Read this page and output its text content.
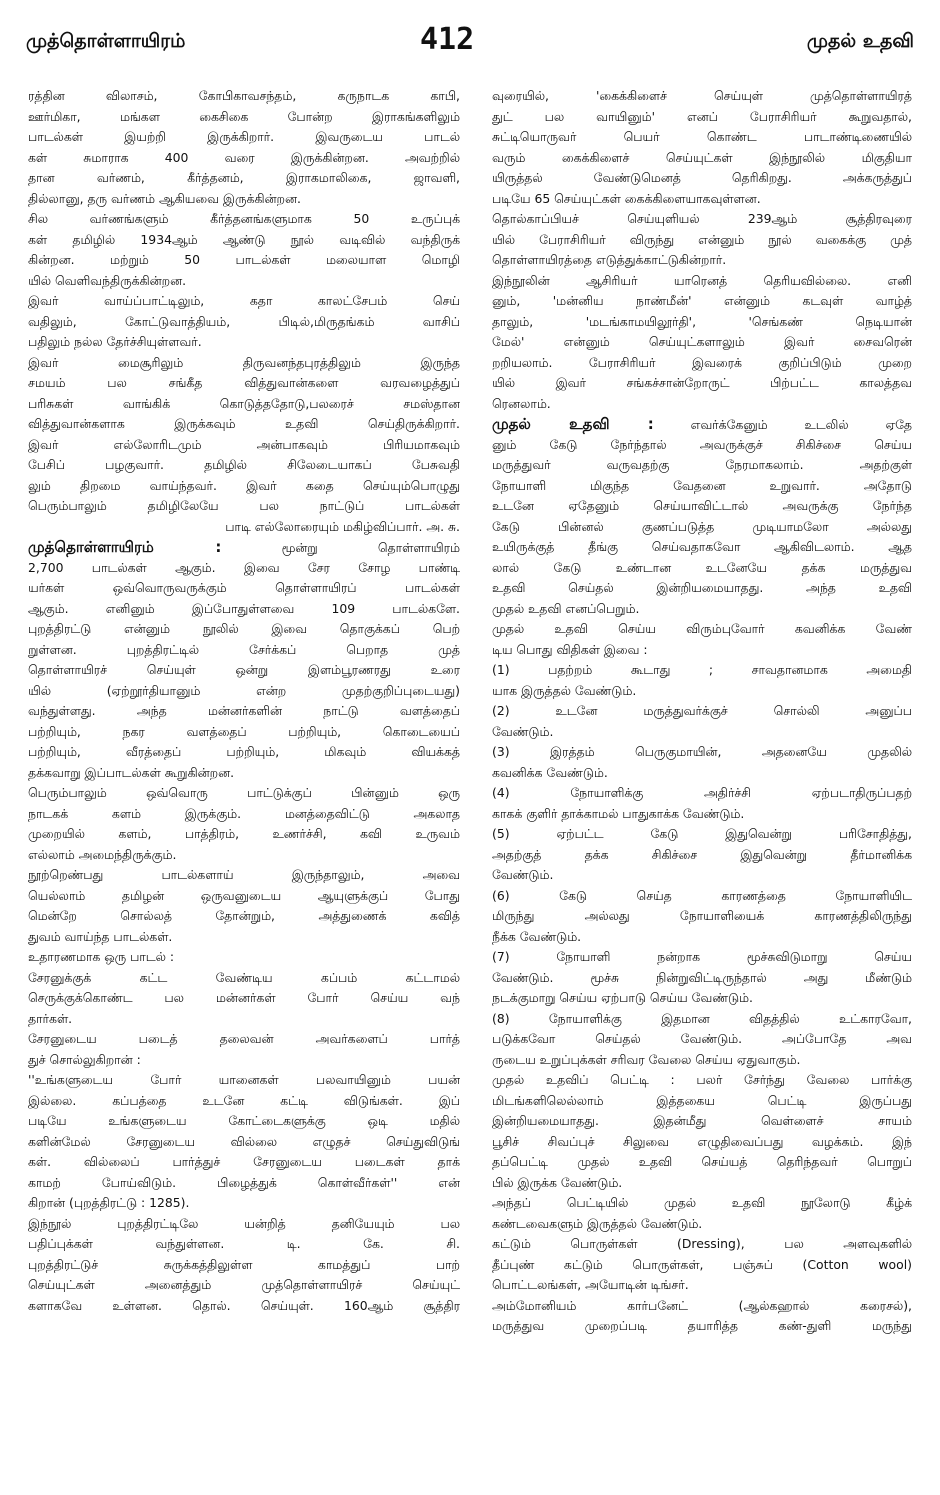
முத்தொள்ளாயிரம்	412	முதல் உதவி
ரத்தின விலாசம், கோபிகாவசந்தம், கருநாடக காபி,
ஊர்மிகா, மங்கள கைசிகை போன்ற இராகங்களிலும்
பாடல்கள் இயற்றி இருக்கிறார். இவருடைய பாடல்
கள் சுமாராக 400 வரை இருக்கின்றன. அவற்றில்
தான வர்ணம், கீர்த்தனம், இராகமாலிகை, ஜாவளி,
தில்லானு, தரு வர்ணம் ஆகியவை இருக்கின்றன.
சில வர்ணங்களும் கீர்த்தனங்களுமாக 50 உருப்புக்
கள் தமிழில் 1934ஆம் ஆண்டு நூல் வடிவில் வந்திருக்
கின்றன. மற்றும் 50 பாடல்கள் மலையாள மொழி
யில் வெளிவந்திருக்கின்றன.
இவர் வாய்ப்பாட்டிலும், கதா காலட்சேபம் செய்
வதிலும், கோட்டுவாத்தியம், பிடில்,மிருதங்கம் வாசிப்
பதிலும் நல்ல தேர்ச்சியுள்ளவர்.
இவர் மைசூரிலும் திருவனந்தபுரத்திலும் இருந்த
சமயம் பல சங்கீத வித்துவான்களை வரவழைத்துப்
பரிசுகள் வாங்கிக் கொடுத்ததோடு,பலரைச் சமஸ்தான
வித்துவான்களாக இருக்கவும் உதவி செய்திருக்கிறார்.
இவர் எல்லோரிடமும் அன்பாகவும் பிரியமாகவும்
பேசிப் பழகுவார். தமிழில் சிலேடையாகப் பேசுவதி
லும் திறமை வாய்ந்தவர். இவர் கதை செய்யும்பொழுது
பெரும்பாலும் தமிழிலேயே பல நாட்டுப் பாடல்கள்
பாடி எல்லோரையும் மகிழ்விப்பார். அ. சு.
முத்தொள்ளாயிரம் : மூன்று தொள்ளாயிரம்
2,700 பாடல்கள் ஆகும். இவை சேர சோழ பாண்டி
யர்கள் ஒவ்வொருவருக்கும் தொள்ளாயிரப் பாடல்கள்
ஆகும். எனினும் இப்போதுள்ளவை 109 பாடல்களே.
புறத்திரட்டு என்னும் நூலில் இவை தொகுக்கப் பெற்
றுள்ளன. புறத்திரட்டில் சேர்க்கப் பெறாத முத்
தொள்ளாயிரச் செய்யுள் ஒன்று இளம்பூரணரது உரை
யில் (ஏற்றூர்தியானும் என்ற முதற்குறிப்புடையது)
வந்துள்ளது. அந்த மன்னர்களின் நாட்டு வளத்தைப்
பற்றியும், நகர வளத்தைப் பற்றியும், கொடையைப்
பற்றியும், வீரத்தைப் பற்றியும், மிகவும் வியக்கத்
தக்கவாறு இப்பாடல்கள் கூறுகின்றன.
பெரும்பாலும் ஒவ்வொரு பாட்டுக்குப் பின்னும் ஒரு
நாடகக் களம் இருக்கும். மனத்தைவிட்டு அகலாத
முறையில் களம், பாத்திரம், உணர்ச்சி, கவி உருவம்
எல்லாம் அமைந்திருக்கும்.
நூற்றெண்பது பாடல்களாய் இருந்தாலும், அவை
யெல்லாம் தமிழன் ஒருவனுடைய ஆயுளுக்குப் போது
மென்றே சொல்லத் தோன்றும், அத்துணைக் கவித்
துவம் வாய்ந்த பாடல்கள்.
உதாரணமாக ஒரு பாடல் :
சேரனுக்குக் கட்ட வேண்டிய கப்பம் கட்டாமல்
செருக்குக்கொண்ட பல மன்னர்கள் போர் செய்ய வந்
தார்கள்.
சேரனுடைய படைத் தலைவன் அவர்களைப் பார்த்
துச் சொல்லுகிறான் :
''உங்களுடைய போர் யானைகள் பலவாயினும் பயன்
இல்லை. கப்பத்தை உடனே கட்டி விடுங்கள். இப்
படியே உங்களுடைய கோட்டைகளுக்கு ஒடி மதில்
களின்மேல் சேரனுடைய வில்லை எழுதச் செய்துவிடுங்
கள். வில்லைப் பார்த்துச் சேரனுடைய படைகள் தாக்
காமற் போய்விடும். பிழைத்துக் கொள்வீர்கள்'' என்
கிறான் (புறத்திரட்டு : 1285).
இந்நூல் புறத்திரட்டிலே யன்றித் தனியேயும் பல
பதிப்புக்கள் வந்துள்ளன. டி. கே. சி.
புறத்திரட்டுச் சுருக்கத்திலுள்ள காமத்துப் பாற்
செய்யுட்கள் அனைத்தும் முத்தொள்ளாயிரச் செய்யுட்
களாகவே உள்ளன. தொல். செய்யுள். 160ஆம் சூத்திர
வுரையில், 'கைக்கிளைச் செய்யுள் முத்தொள்ளாயிரத்
துட் பல வாயினும்' எனப் பேராசிரியர் கூறுவதால்,
சுட்டியொருவர் பெயர் கொண்ட பாடாண்டிணையில்
வரும் கைக்கிளைச் செய்யுட்கள் இந்நூலில் மிகுதியா
யிருத்தல் வேண்டுமெனத் தெரிகிறது. அக்கருத்துப்
படியே 65 செய்யுட்கள் கைக்கிளையாகவுள்ளன.
தொல்காப்பியச் செய்யுளியல் 239ஆம் சூத்திரவுரை
யில் பேராசிரியர் விருந்து என்னும் நூல் வகைக்கு முத்
தொள்ளாயிரத்தை எடுத்துக்காட்டுகின்றார்.
இந்நூலின் ஆசிரியர் யாரெனத் தெரியவில்லை. எனி
னும், 'மன்னிய நாண்மீன்' என்னும் கடவுள் வாழ்த்
தாலும், 'மடங்காமயிலூர்தி', 'செங்கண் நெடியான்
மேல்' என்னும் செய்யுட்களாலும் இவர் சைவரென்
றறியலாம். பேராசிரியர் இவரைக் குறிப்பிடும் முறை
யில் இவர் சங்கச்சான்றோருட் பிற்பட்ட காலத்தவ
ரெனலாம்.
முதல் உதவி : எவர்க்கேனும் உடலில் ஏதே
னும் கேடு நேர்ந்தால் அவருக்குச் சிகிச்சை செய்ய
மருத்துவர் வருவதற்கு நேரமாகலாம். அதற்குள்
நோயாளி மிகுந்த வேதனை உறுவார். அதோடு
உடனே ஏதேனும் செய்யாவிட்டால் அவருக்கு நேர்ந்த
கேடு பின்னல் குணப்படுத்த முடியாமலோ அல்லது
உயிருக்குத் தீங்கு செய்வதாகவோ ஆகிவிடலாம். ஆத
லால் கேடு உண்டான உடனேயே தக்க மருத்துவ
உதவி செய்தல் இன்றியமையாதது. அந்த உதவி
முதல் உதவி எனப்பெறும்.
முதல் உதவி செய்ய விரும்புவோர் கவனிக்க வேண்
டிய பொது விதிகள் இவை :
(1) பதற்றம் கூடாது ; சாவதானமாக அமைதி
யாக இருத்தல் வேண்டும்.
(2) உடனே மருத்துவர்க்குச் சொல்லி அனுப்ப
வேண்டும்.
(3) இரத்தம் பெருகுமாயின், அதனையே முதலில்
கவனிக்க வேண்டும்.
(4) நோயாளிக்கு அதிர்ச்சி ஏற்படாதிருப்பதற்
காகக் குளிர் தாக்காமல் பாதுகாக்க வேண்டும்.
(5) ஏற்பட்ட கேடு இதுவென்று பரிசோதித்து,
அதற்குத் தக்க சிகிச்சை இதுவென்று தீர்மானிக்க
வேண்டும்.
(6) கேடு செய்த காரணத்தை நோயாளியிட
மிருந்து அல்லது நோயாளியைக் காரணத்திலிருந்து
நீக்க வேண்டும்.
(7) நோயாளி நன்றாக மூச்சுவிடுமாறு செய்ய
வேண்டும். மூச்சு நின்றுவிட்டிருந்தால் அது மீண்டும்
நடக்குமாறு செய்ய ஏற்பாடு செய்ய வேண்டும்.
(8) நோயாளிக்கு இதமான விதத்தில் உட்காரவோ,
படுக்கவோ செய்தல் வேண்டும். அப்போதே அவ
ருடைய உறுப்புக்கள் சரிவர வேலை செய்ய ஏதுவாகும்.
முதல் உதவிப் பெட்டி : பலர் சேர்ந்து வேலை பார்க்கு
மிடங்களிலெல்லாம் இத்தகைய பெட்டி இருப்பது
இன்றியமையாதது. இதன்மீது வெள்ளைச் சாயம்
பூசிச் சிவப்புச் சிலுவை எழுதிவைப்பது வழக்கம். இந்
தப்பெட்டி முதல் உதவி செய்யத் தெரிந்தவர் பொறுப்
பில் இருக்க வேண்டும்.
அந்தப் பெட்டியில் முதல் உதவி நூலோடு கீழ்க்
கண்டவைகளும் இருத்தல் வேண்டும்.
கட்டும் பொருள்கள் (Dressing), பல அளவுகளில்
தீப்புண் கட்டும் பொருள்கள், பஞ்சுப் (Cotton wool)
பொட்டலங்கள், அயோடின் டிங்சர்.
அம்மோனியம் கார்பனேட் (ஆல்கஹால் கரைசல்),
மருத்துவ முறைப்படி தயாரித்த கண்-துளி மருந்து
